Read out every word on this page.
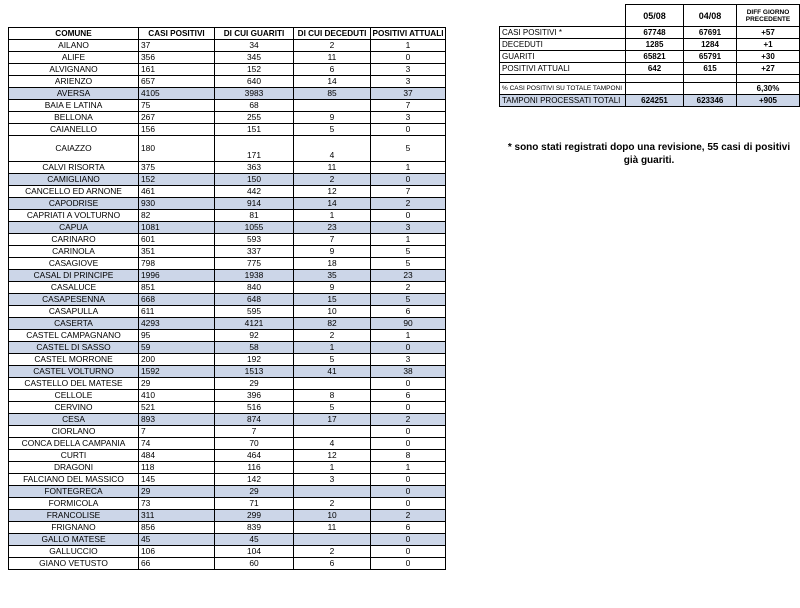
COMUNE	CASI POSITIVI	DI CUI GUARITI	DI CUI DECEDUTI	POSITIVI ATTUALI
AILANO	37	34	2	1
ALIFE	356	345	11	0
ALVIGNANO	161	152	6	3
ARIENZO	657	640	14	3
AVERSA	4105	3983	85	37
BAIA E LATINA	75	68		7
BELLONA	267	255	9	3
CAIANELLO	156	151	5	0
CAIAZZO	180	171	4	5
CALVI RISORTA	375	363	11	1
CAMIGLIANO	152	150	2	0
CANCELLO ED ARNONE	461	442	12	7
CAPODRISE	930	914	14	2
CAPRIATI A VOLTURNO	82	81	1	0
CAPUA	1081	1055	23	3
CARINARO	601	593	7	1
CARINOLA	351	337	9	5
CASAGIOVE	798	775	18	5
CASAL DI PRINCIPE	1996	1938	35	23
CASALUCE	851	840	9	2
CASAPESENNA	668	648	15	5
CASAPULLA	611	595	10	6
CASERTA	4293	4121	82	90
CASTEL CAMPAGNANO	95	92	2	1
CASTEL DI SASSO	59	58	1	0
CASTEL MORRONE	200	192	5	3
CASTEL VOLTURNO	1592	1513	41	38
CASTELLO DEL MATESE	29	29		0
CELLOLE	410	396	8	6
CERVINO	521	516	5	0
CESA	893	874	17	2
CIORLANO	7	7		0
CONCA DELLA CAMPANIA	74	70	4	0
CURTI	484	464	12	8
DRAGONI	118	116	1	1
FALCIANO DEL MASSICO	145	142	3	0
FONTEGRECA	29	29		0
FORMICOLA	73	71	2	0
FRANCOLISE	311	299	10	2
FRIGNANO	856	839	11	6
GALLO MATESE	45	45		0
GALLUCCIO	106	104	2	0
GIANO VETUSTO	66	60	6	0
	05/08	04/08	DIFF GIORNO PRECEDENTE
CASI POSITIVI *	67748	67691	+57
DECEDUTI	1285	1284	+1
GUARITI	65821	65791	+30
POSITIVI ATTUALI	642	615	+27

% CASI POSITIVI SU TOTALE TAMPONI			6,30%
TAMPONI PROCESSATI TOTALI	624251	623346	+905
* sono stati registrati dopo una revisione, 55 casi di positivi già guariti.
